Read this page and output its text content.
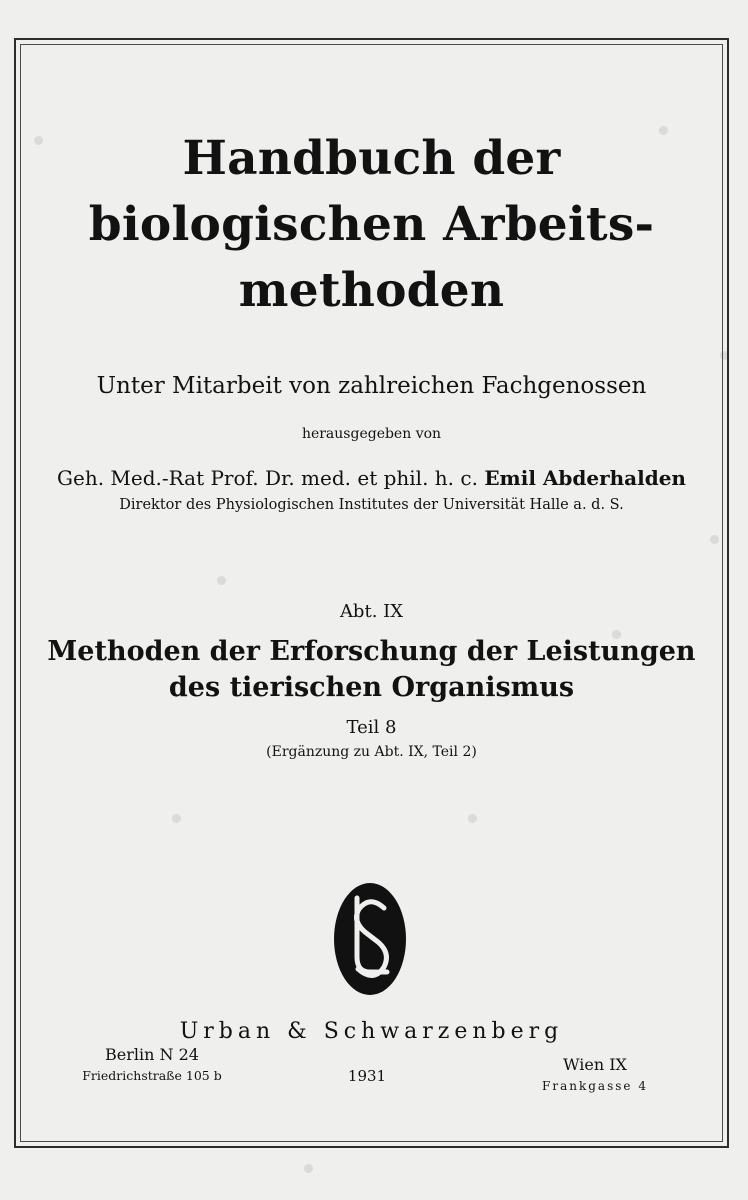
Handbuch der
biologischen Arbeits-
methoden
Unter Mitarbeit von zahlreichen Fachgenossen
herausgegeben von
Geh. Med.-Rat Prof. Dr. med. et phil. h. c. Emil Abderhalden
Direktor des Physiologischen Institutes der Universität Halle a. d. S.
Abt. IX
Methoden der Erforschung der Leistungen
des tierischen Organismus
Teil 8
(Ergänzung zu Abt. IX, Teil 2)
Urban & Schwarzenberg
Berlin N 24
Friedrichstraße 105 b	1931
Wien IX
Frankgasse 4
